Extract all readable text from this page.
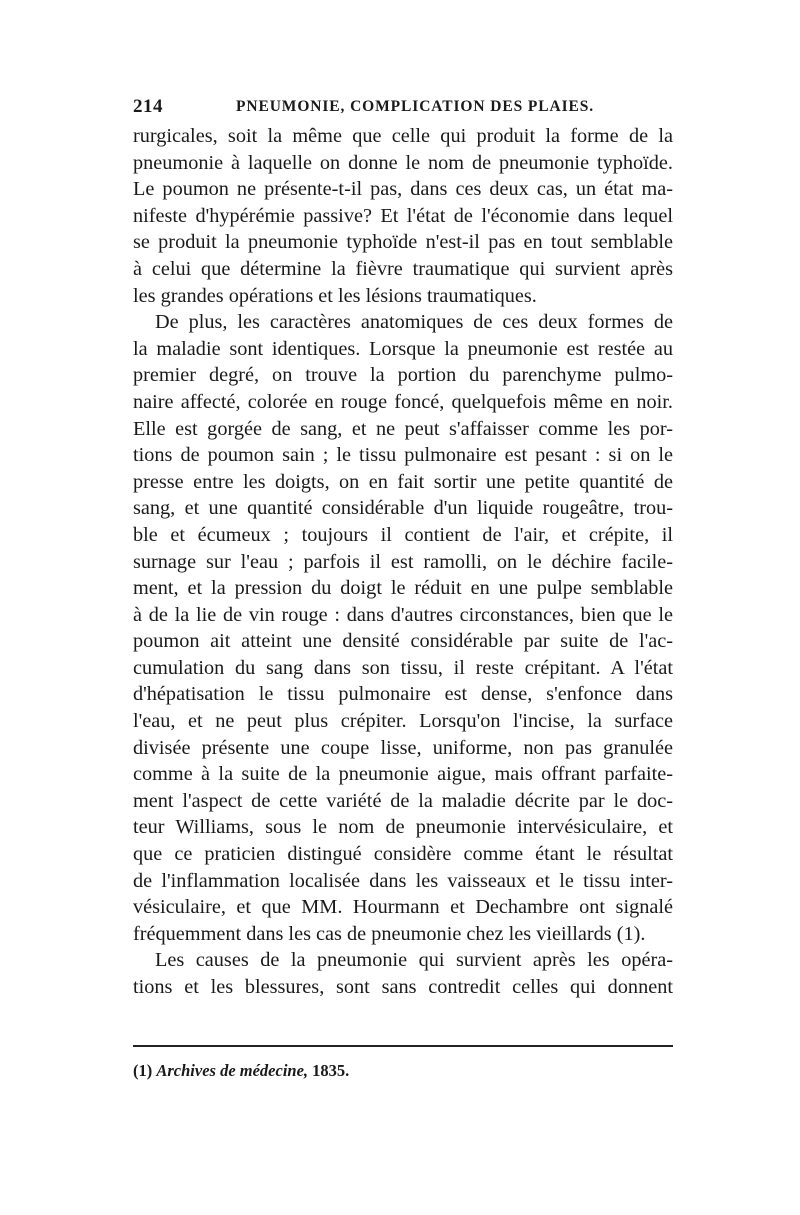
214	PNEUMONIE, COMPLICATION DES PLAIES.
rurgicales, soit la même que celle qui produit la forme de la
pneumonie à laquelle on donne le nom de pneumonie typhoïde.
Le poumon ne présente-t-il pas, dans ces deux cas, un état ma-
nifeste d'hypérémie passive? Et l'état de l'économie dans lequel
se produit la pneumonie typhoïde n'est-il pas en tout semblable
à celui que détermine la fièvre traumatique qui survient après
les grandes opérations et les lésions traumatiques.
De plus, les caractères anatomiques de ces deux formes de
la maladie sont identiques. Lorsque la pneumonie est restée au
premier degré, on trouve la portion du parenchyme pulmo-
naire affecté, colorée en rouge foncé, quelquefois même en noir.
Elle est gorgée de sang, et ne peut s'affaisser comme les por-
tions de poumon sain ; le tissu pulmonaire est pesant : si on le
presse entre les doigts, on en fait sortir une petite quantité de
sang, et une quantité considérable d'un liquide rougeâtre, trou-
ble et écumeux ; toujours il contient de l'air, et crépite, il
surnage sur l'eau ; parfois il est ramolli, on le déchire facile-
ment, et la pression du doigt le réduit en une pulpe semblable
à de la lie de vin rouge : dans d'autres circonstances, bien que le
poumon ait atteint une densité considérable par suite de l'ac-
cumulation du sang dans son tissu, il reste crépitant. A l'état
d'hépatisation le tissu pulmonaire est dense, s'enfonce dans
l'eau, et ne peut plus crépiter. Lorsqu'on l'incise, la surface
divisée présente une coupe lisse, uniforme, non pas granulée
comme à la suite de la pneumonie aigue, mais offrant parfaite-
ment l'aspect de cette variété de la maladie décrite par le doc-
teur Williams, sous le nom de pneumonie intervésiculaire, et
que ce praticien distingué considère comme étant le résultat
de l'inflammation localisée dans les vaisseaux et le tissu inter-
vésiculaire, et que MM. Hourmann et Dechambre ont signalé
fréquemment dans les cas de pneumonie chez les vieillards (1).
Les causes de la pneumonie qui survient après les opéra-
tions et les blessures, sont sans contredit celles qui donnent
(1) Archives de médecine, 1835.
